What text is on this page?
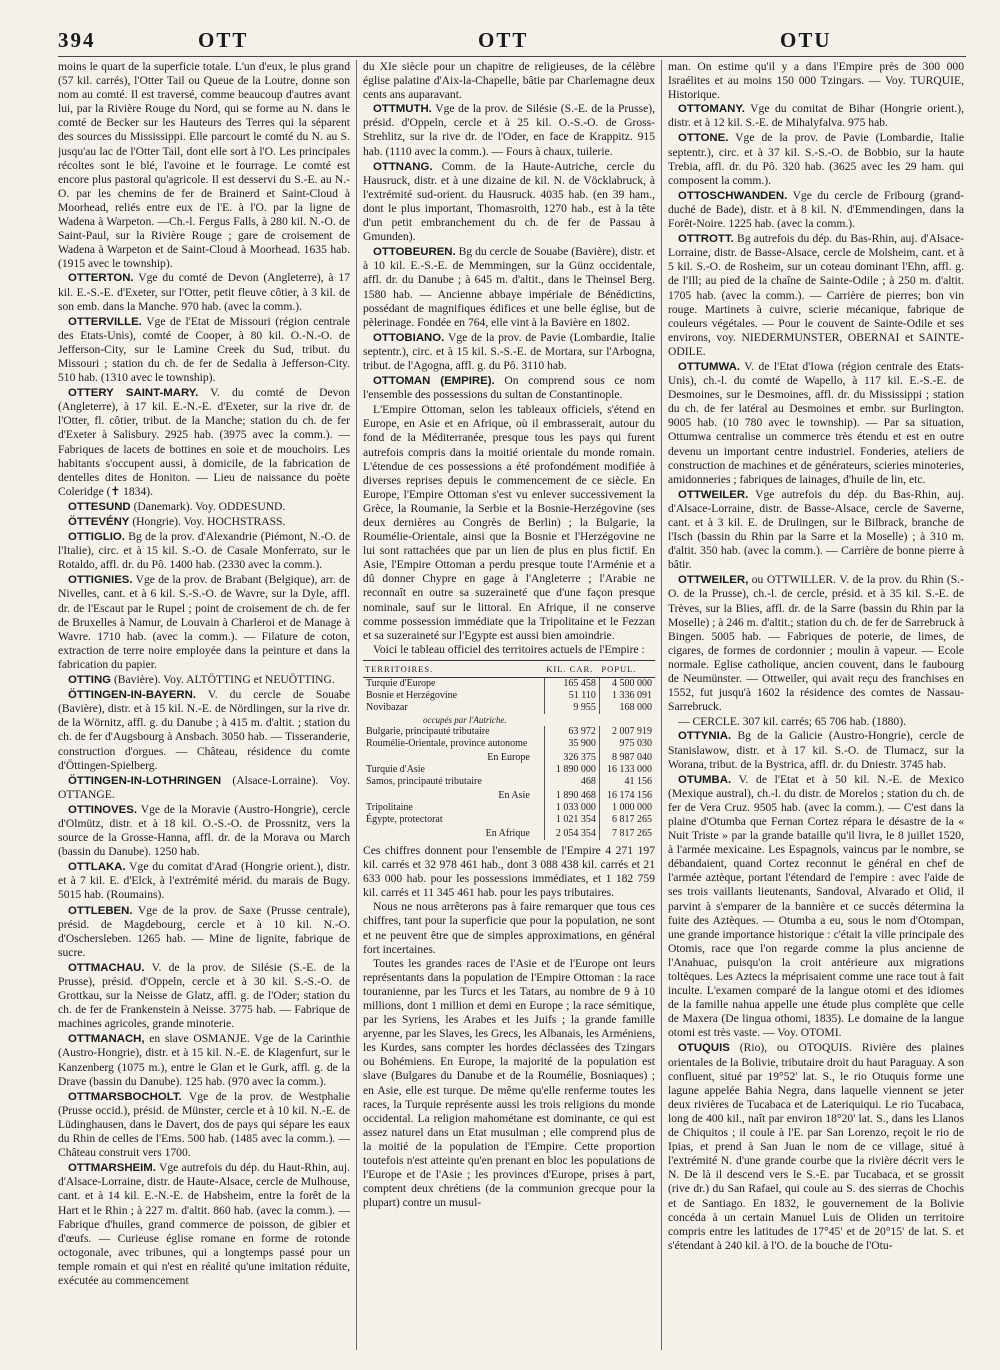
394	OTT	OTT	OTU

moins le quart de la superficie totale. L'un d'eux, le plus grand (57 kil. carrés), l'Otter Tail ou Queue de la Loutre, donne son nom au comté. Il est traversé, comme beaucoup d'autres avant lui, par la Rivière Rouge du Nord, qui se forme au N. dans le comté de Becker sur les Hauteurs des Terres qui la séparent des sources du Mississippi. Elle parcourt le comté du N. au S. jusqu'au lac de l'Otter Tail, dont elle sort à l'O. Les principales récoltes sont le blé, l'avoine et le fourrage. Le comté est encore plus pastoral qu'agricole. Il est desservi du S.-E. au N.-O. par les chemins de fer de Brainerd et Saint-Cloud à Moorhead, reliés entre eux de l'E. à l'O. par la ligne de Wadena à Warpeton. —Ch.-l. Fergus Falls, à 280 kil. N.-O. de Saint-Paul, sur la Rivière Rouge ; gare de croisement de Wadena à Warpeton et de Saint-Cloud à Moorhead. 1635 hab. (1915 avec le township).

OTTERTON. Vge du comté de Devon (Angleterre), à 17 kil. E.-S.-E. d'Exeter, sur l'Otter, petit fleuve côtier, à 3 kil. de son emb. dans la Manche. 970 hab. (avec la comm.).

OTTERVILLE. Vge de l'Etat de Missouri (région centrale des Etats-Unis), comté de Cooper, à 80 kil. O.-N.-O. de Jefferson-City, sur le Lamine Creek du Sud, tribut. du Missouri ; station du ch. de fer de Sedalia à Jefferson-City. 510 hab. (1310 avec le township).

OTTERY SAINT-MARY. V. du comté de Devon (Angleterre), à 17 kil. E.-N.-E. d'Exeter, sur la rive dr. de l'Otter, fl. côtier, tribut. de la Manche; station du ch. de fer d'Exeter à Salisbury. 2925 hab. (3975 avec la comm.). — Fabriques de lacets de bottines en soie et de mouchoirs. Les habitants s'occupent aussi, à domicile, de la fabrication de dentelles dites de Honiton. — Lieu de naissance du poète Coleridge (✝ 1834).

OTTESUND (Danemark). Voy. ODDESUND.

ÖTTEVÉNY (Hongrie). Voy. HOCHSTRASS.

OTTIGLIO. Bg de la prov. d'Alexandrie (Piémont, N.-O. de l'Italie), circ. et à 15 kil. S.-O. de Casale Monferrato, sur le Rotaldo, affl. dr. du Pô. 1400 hab. (2330 avec la comm.).

OTTIGNIES. Vge de la prov. de Brabant (Belgique), arr. de Nivelles, cant. et à 6 kil. S.-S.-O. de Wavre, sur la Dyle, affl. dr. de l'Escaut par le Rupel ; point de croisement de ch. de fer de Bruxelles à Namur, de Louvain à Charleroi et de Manage à Wavre. 1710 hab. (avec la comm.). — Filature de coton, extraction de terre noire employée dans la peinture et dans la fabrication du papier.

OTTING (Bavière). Voy. ALTÖTTING et NEUÖTTING.

ÖTTINGEN-IN-BAYERN. V. du cercle de Souabe (Bavière), distr. et à 15 kil. N.-E. de Nördlingen, sur la rive dr. de la Wörnitz, affl. g. du Danube ; à 415 m. d'altit. ; station du ch. de fer d'Augsbourg à Ansbach. 3050 hab. — Tisseranderie, construction d'orgues. — Château, résidence du comte d'Öttingen-Spielberg.

ÖTTINGEN-IN-LOTHRINGEN (Alsace-Lorraine). Voy. OTTANGE.

OTTINOVES. Vge de la Moravie (Austro-Hongrie), cercle d'Olmütz, distr. et à 18 kil. O.-S.-O. de Prossnitz, vers la source de la Grosse-Hanna, affl. dr. de la Morava ou March (bassin du Danube). 1250 hab.

OTTLAKA. Vge du comitat d'Arad (Hongrie orient.), distr. et à 7 kil. E. d'Elck, à l'extrémité mérid. du marais de Bugy. 5015 hab. (Roumains).

OTTLEBEN. Vge de la prov. de Saxe (Prusse centrale), présid. de Magdebourg, cercle et à 10 kil. N.-O. d'Oschersleben. 1265 hab. — Mine de lignite, fabrique de sucre.

OTTMACHAU. V. de la prov. de Silésie (S.-E. de la Prusse), présid. d'Oppeln, cercle et à 30 kil. S.-S.-O. de Grottkau, sur la Neisse de Glatz, affl. g. de l'Oder; station du ch. de fer de Frankenstein à Neisse. 3775 hab. — Fabrique de machines agricoles, grande minoterie.

OTTMANACH, en slave OSMANJE. Vge de la Carinthie (Austro-Hongrie), distr. et à 15 kil. N.-E. de Klagenfurt, sur le Kanzenberg (1075 m.), entre le Glan et le Gurk, affl. g. de la Drave (bassin du Danube). 125 hab. (970 avec la comm.).

OTTMARSBOCHOLT. Vge de la prov. de Westphalie (Prusse occid.), présid. de Münster, cercle et à 10 kil. N.-E. de Lüdinghausen, dans le Davert, dos de pays qui sépare les eaux du Rhin de celles de l'Ems. 500 hab. (1485 avec la comm.). — Château construit vers 1700.

OTTMARSHEIM. Vge autrefois du dép. du Haut-Rhin, auj. d'Alsace-Lorraine, distr. de Haute-Alsace, cercle de Mulhouse, cant. et à 14 kil. E.-N.-E. de Habsheim, entre la forêt de la Hart et le Rhin ; à 227 m. d'altit. 860 hab. (avec la comm.). — Fabrique d'huiles, grand commerce de poisson, de gibier et d'œufs. — Curieuse église romane en forme de rotonde octogonale, avec tribunes, qui a longtemps passé pour un temple romain et qui n'est en réalité qu'une imitation réduite, exécutée au commencement

du XIe siècle pour un chapitre de religieuses, de la célèbre église palatine d'Aix-la-Chapelle, bâtie par Charlemagne deux cents ans auparavant.

OTTMUTH. Vge de la prov. de Silésie (S.-E. de la Prusse), présid. d'Oppeln, cercle et à 25 kil. O.-S.-O. de Gross-Strehlitz, sur la rive dr. de l'Oder, en face de Krappitz. 915 hab. (1110 avec la comm.). — Fours à chaux, tuilerie.

OTTNANG. Comm. de la Haute-Autriche, cercle du Hausruck, distr. et à une dizaine de kil. N. de Vöcklabruck, à l'extrémité sud-orient. du Hausruck. 4035 hab. (en 39 ham., dont le plus important, Thomasroith, 1270 hab., est à la tête d'un petit embranchement du ch. de fer de Passau à Gmunden).

OTTOBEUREN. Bg du cercle de Souabe (Bavière), distr. et à 10 kil. E.-S.-E. de Memmingen, sur la Günz occidentale, affl. dr. du Danube ; à 645 m. d'altit., dans le Theinsel Berg. 1580 hab. — Ancienne abbaye impériale de Bénédictins, possédant de magnifiques édifices et une belle église, but de pèlerinage. Fondée en 764, elle vint à la Bavière en 1802.

OTTOBIANO. Vge de la prov. de Pavie (Lombardie, Italie septentr.), circ. et à 15 kil. S.-S.-E. de Mortara, sur l'Arbogna, tribut. de l'Agogna, affl. g. du Pô. 3110 hab.

OTTOMAN (EMPIRE). On comprend sous ce nom l'ensemble des possessions du sultan de Constantinople.

L'Empire Ottoman, selon les tableaux officiels, s'étend en Europe, en Asie et en Afrique, où il embrasserait, autour du fond de la Méditerranée, presque tous les pays qui furent autrefois compris dans la moitié orientale du monde romain. L'étendue de ces possessions a été profondément modifiée à diverses reprises depuis le commencement de ce siècle. En Europe, l'Empire Ottoman s'est vu enlever successivement la Grèce, la Roumanie, la Serbie et la Bosnie-Herzégovine (ses deux dernières au Congrès de Berlin) ; la Bulgarie, la Roumélie-Orientale, ainsi que la Bosnie et l'Herzégovine ne lui sont rattachées que par un lien de plus en plus fictif. En Asie, l'Empire Ottoman a perdu presque toute l'Arménie et a dû donner Chypre en gage à l'Angleterre ; l'Arabie ne reconnaît en outre sa suzeraineté que d'une façon presque nominale, sauf sur le littoral. En Afrique, il ne conserve comme possession immédiate que la Tripolitaine et le Fezzan et sa suzeraineté sur l'Egypte est aussi bien amoindrie.

Voici le tableau officiel des territoires actuels de l'Empire :

TERRITOIRES.	KIL. CAR.	POPUL.
Turquie d'Europe	165 458	4 500 000
Bosnie et Herzégovine	51 110	1 336 091
Novibazar	9 955	168 000
occupés par l'Autriche.		
Bulgarie, principauté tributaire	63 972	2 007 919
Roumélie-Orientale, province autonome	35 900	975 030
En Europe	326 375	8 987 040
Turquie d'Asie	1 890 000	16 133 000
Samos, principauté tributaire	468	41 156
En Asie	1 890 468	16 174 156
Tripolitaine	1 033 000	1 000 000
Égypte, protectorat	1 021 354	6 817 265
En Afrique	2 054 354	7 817 265

Ces chiffres donnent pour l'ensemble de l'Empire 4 271 197 kil. carrés et 32 978 461 hab., dont 3 088 438 kil. carrés et 21 633 000 hab. pour les possessions immédiates, et 1 182 759 kil. carrés et 11 345 461 hab. pour les pays tributaires.

Nous ne nous arrêterons pas à faire remarquer que tous ces chiffres, tant pour la superficie que pour la population, ne sont et ne peuvent être que de simples approximations, en général fort incertaines.

Toutes les grandes races de l'Asie et de l'Europe ont leurs représentants dans la population de l'Empire Ottoman : la race touranienne, par les Turcs et les Tatars, au nombre de 9 à 10 millions, dont 1 million et demi en Europe ; la race sémitique, par les Syriens, les Arabes et les Juifs ; la grande famille aryenne, par les Slaves, les Grecs, les Albanais, les Arméniens, les Kurdes, sans compter les hordes déclassées des Tzingars ou Bohémiens. En Europe, la majorité de la population est slave (Bulgares du Danube et de la Roumélie, Bosniaques) ; en Asie, elle est turque. De même qu'elle renferme toutes les races, la Turquie représente aussi les trois religions du monde occidental. La religion mahométane est dominante, ce qui est assez naturel dans un Etat musulman ; elle comprend plus de la moitié de la population de l'Empire. Cette proportion toutefois n'est atteinte qu'en prenant en bloc les populations de l'Europe et de l'Asie ; les provinces d'Europe, prises à part, comptent deux chrétiens (de la communion grecque pour la plupart) contre un musul-

man. On estime qu'il y a dans l'Empire près de 300 000 Israélites et au moins 150 000 Tzingars. — Voy. TURQUIE, Historique.

OTTOMANY. Vge du comitat de Bihar (Hongrie orient.), distr. et à 12 kil. S.-E. de Mihalyfalva. 975 hab.

OTTONE. Vge de la prov. de Pavie (Lombardie, Italie septentr.), circ. et à 37 kil. S.-S.-O. de Bobbio, sur la haute Trebia, affl. dr. du Pô. 320 hab. (3625 avec les 29 ham. qui composent la comm.).

OTTOSCHWANDEN. Vge du cercle de Fribourg (grand-duché de Bade), distr. et à 8 kil. N. d'Emmendingen, dans la Forêt-Noire. 1225 hab. (avec la comm.).

OTTROTT. Bg autrefois du dép. du Bas-Rhin, auj. d'Alsace-Lorraine, distr. de Basse-Alsace, cercle de Molsheim, cant. et à 5 kil. S.-O. de Rosheim, sur un coteau dominant l'Ehn, affl. g. de l'Ill; au pied de la chaîne de Sainte-Odile ; à 250 m. d'altit. 1705 hab. (avec la comm.). — Carrière de pierres; bon vin rouge. Martinets à cuivre, scierie mécanique, fabrique de couleurs végétales. — Pour le couvent de Sainte-Odile et ses environs, voy. NIEDERMUNSTER, OBERNAI et SAINTE-ODILE.

OTTUMWA. V. de l'Etat d'Iowa (région centrale des Etats-Unis), ch.-l. du comté de Wapello, à 117 kil. E.-S.-E. de Desmoines, sur le Desmoines, affl. dr. du Mississippi ; station du ch. de fer latéral au Desmoines et embr. sur Burlington. 9005 hab. (10 780 avec le township). — Par sa situation, Ottumwa centralise un commerce très étendu et est en outre devenu un important centre industriel. Fonderies, ateliers de construction de machines et de générateurs, scieries minoteries, amidonneries ; fabriques de lainages, d'huile de lin, etc.

OTTWEILER. Vge autrefois du dép. du Bas-Rhin, auj. d'Alsace-Lorraine, distr. de Basse-Alsace, cercle de Saverne, cant. et à 3 kil. E. de Drulingen, sur le Bilbrack, branche de l'Isch (bassin du Rhin par la Sarre et la Moselle) ; à 310 m. d'altit. 350 hab. (avec la comm.). — Carrière de bonne pierre à bâtir.

OTTWEILER, ou OTTWILLER. V. de la prov. du Rhin (S.-O. de la Prusse), ch.-l. de cercle, présid. et à 35 kil. S.-E. de Trèves, sur la Blies, affl. dr. de la Sarre (bassin du Rhin par la Moselle) ; à 246 m. d'altit.; station du ch. de fer de Sarrebruck à Bingen. 5005 hab. — Fabriques de poterie, de limes, de cigares, de formes de cordonnier ; moulin à vapeur. — Ecole normale. Eglise catholique, ancien couvent, dans le faubourg de Neumünster. — Ottweiler, qui avait reçu des franchises en 1552, fut jusqu'à 1602 la résidence des comtes de Nassau-Sarrebruck.

— CERCLE. 307 kil. carrés; 65 706 hab. (1880).

OTTYNIA. Bg de la Galicie (Austro-Hongrie), cercle de Stanislawow, distr. et à 17 kil. S.-O. de Tlumacz, sur la Worana, tribut. de la Bystrica, affl. dr. du Dniestr. 3745 hab.

OTUMBA. V. de l'Etat et à 50 kil. N.-E. de Mexico (Mexique austral), ch.-l. du distr. de Morelos ; station du ch. de fer de Vera Cruz. 9505 hab. (avec la comm.). — C'est dans la plaine d'Otumba que Fernan Cortez répara le désastre de la « Nuit Triste » par la grande bataille qu'il livra, le 8 juillet 1520, à l'armée mexicaine. Les Espagnols, vaincus par le nombre, se débandaient, quand Cortez reconnut le général en chef de l'armée aztèque, portant l'étendard de l'empire : avec l'aide de ses trois vaillants lieutenants, Sandoval, Alvarado et Olid, il parvint à s'emparer de la bannière et ce succès détermina la fuite des Aztèques. — Otumba a eu, sous le nom d'Otompan, une grande importance historique : c'était la ville principale des Otomis, race que l'on regarde comme la plus ancienne de l'Anahuac, puisqu'on la croit antérieure aux migrations toltèques. Les Aztecs la méprisaient comme une race tout à fait inculte. L'examen comparé de la langue otomi et des idiomes de la famille nahua appelle une étude plus complète que celle de Maxera (De lingua othomi, 1835). Le domaine de la langue otomi est très vaste. — Voy. OTOMI.

OTUQUIS (Rio), ou OTOQUIS. Rivière des plaines orientales de la Bolivie, tributaire droit du haut Paraguay. A son confluent, situé par 19°52' lat. S., le rio Otuquis forme une lagune appelée Bahia Negra, dans laquelle viennent se jeter deux rivières de Tucabaca et de Lateriquiqui. Le rio Tucabaca, long de 400 kil., naît par environ 18°20' lat. S., dans les Llanos de Chiquitos ; il coule à l'E. par San Lorenzo, reçoit le rio de Ipias, et prend à San Juan le nom de ce village, situé à l'extrémité N. d'une grande courbe que la rivière décrit vers le N. De là il descend vers le S.-E. par Tucabaca, et se grossit (rive dr.) du San Rafael, qui coule au S. des sierras de Chochis et de Santiago. En 1832, le gouvernement de la Bolivie concéda à un certain Manuel Luis de Oliden un territoire compris entre les latitudes de 17°45' et de 20°15' de lat. S. et s'étendant à 240 kil. à l'O. de la bouche de l'Otu-
